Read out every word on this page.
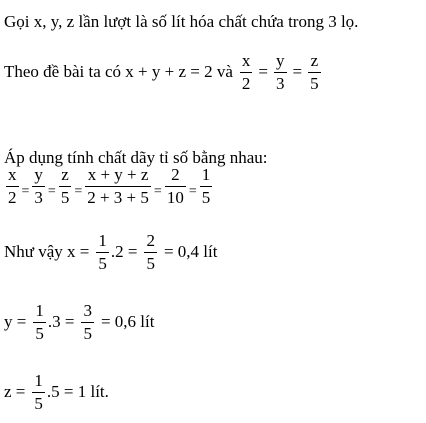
Gọi x, y, z lần lượt là số lít hóa chất chứa trong 3 lọ.
Theo đề bài ta có x + y + z = 2 và $\frac{x}{2} = \frac{y}{3} = \frac{z}{5}$
Áp dụng tính chất dãy tỉ số bằng nhau:
$\frac{x}{2} = \frac{y}{3} = \frac{z}{5} = \frac{x + y + z}{2 + 3 + 5} = \frac{2}{10} = \frac{1}{5}$
Như vậy $x = \frac{1}{5} .2 = \frac{2}{5} = 0,4$ lít
$y = \frac{1}{5} .3 = \frac{3}{5} = 0,6$ lít
$z = \frac{1}{5} .5 = 1$ lít.
